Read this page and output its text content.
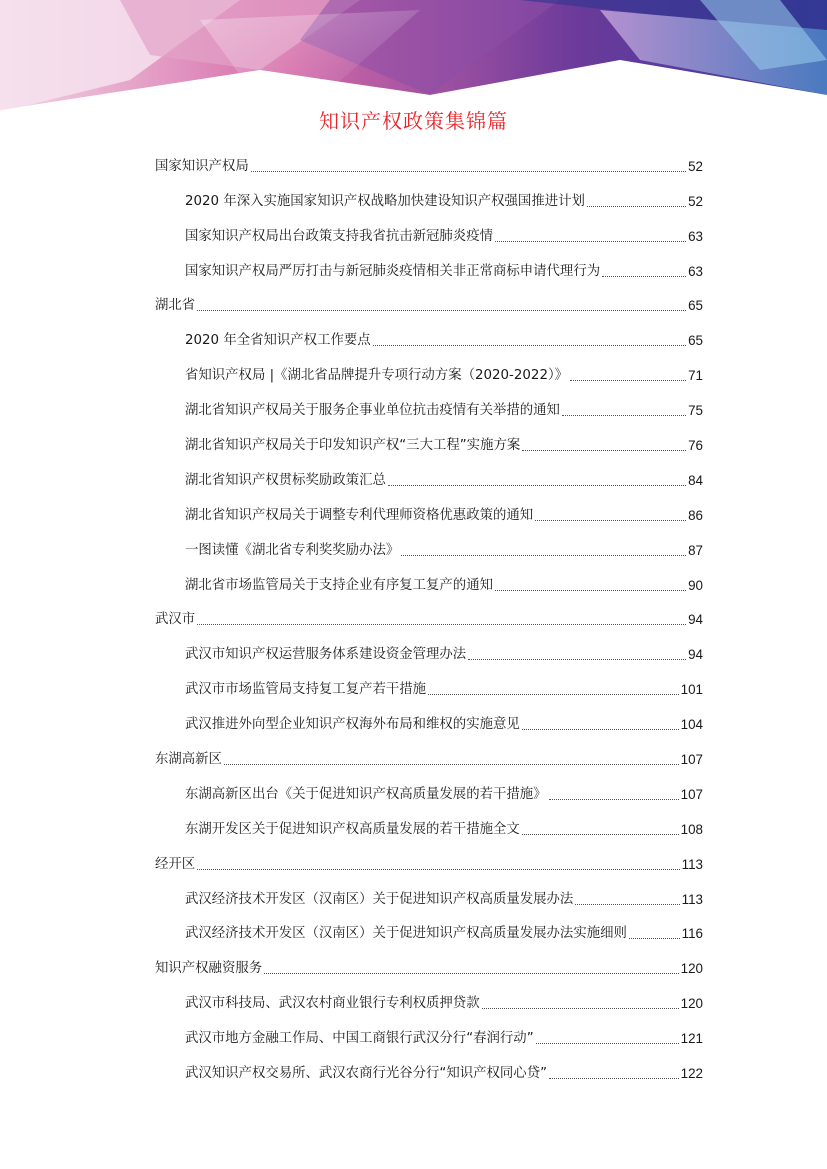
知识产权政策集锦篇
国家知识产权局	52
2020 年深入实施国家知识产权战略加快建设知识产权强国推进计划	52
国家知识产权局出台政策支持我省抗击新冠肺炎疫情	63
国家知识产权局严厉打击与新冠肺炎疫情相关非正常商标申请代理行为	63
湖北省	65
2020 年全省知识产权工作要点	65
省知识产权局 |《湖北省品牌提升专项行动方案（2020-2022）》	71
湖北省知识产权局关于服务企事业单位抗击疫情有关举措的通知	75
湖北省知识产权局关于印发知识产权“三大工程”实施方案	76
湖北省知识产权贯标奖励政策汇总	84
湖北省知识产权局关于调整专利代理师资格优惠政策的通知	86
一图读懂《湖北省专利奖奖励办法》	87
湖北省市场监管局关于支持企业有序复工复产的通知	90
武汉市	94
武汉市知识产权运营服务体系建设资金管理办法	94
武汉市市场监管局支持复工复产若干措施	101
武汉推进外向型企业知识产权海外布局和维权的实施意见	104
东湖高新区	107
东湖高新区出台《关于促进知识产权高质量发展的若干措施》	107
东湖开发区关于促进知识产权高质量发展的若干措施全文	108
经开区	113
武汉经济技术开发区（汉南区）关于促进知识产权高质量发展办法	113
武汉经济技术开发区（汉南区）关于促进知识产权高质量发展办法实施细则	116
知识产权融资服务	120
武汉市科技局、武汉农村商业银行专利权质押贷款	120
武汉市地方金融工作局、中国工商银行武汉分行“春润行动”	121
武汉知识产权交易所、武汉农商行光谷分行“知识产权同心贷”	122
